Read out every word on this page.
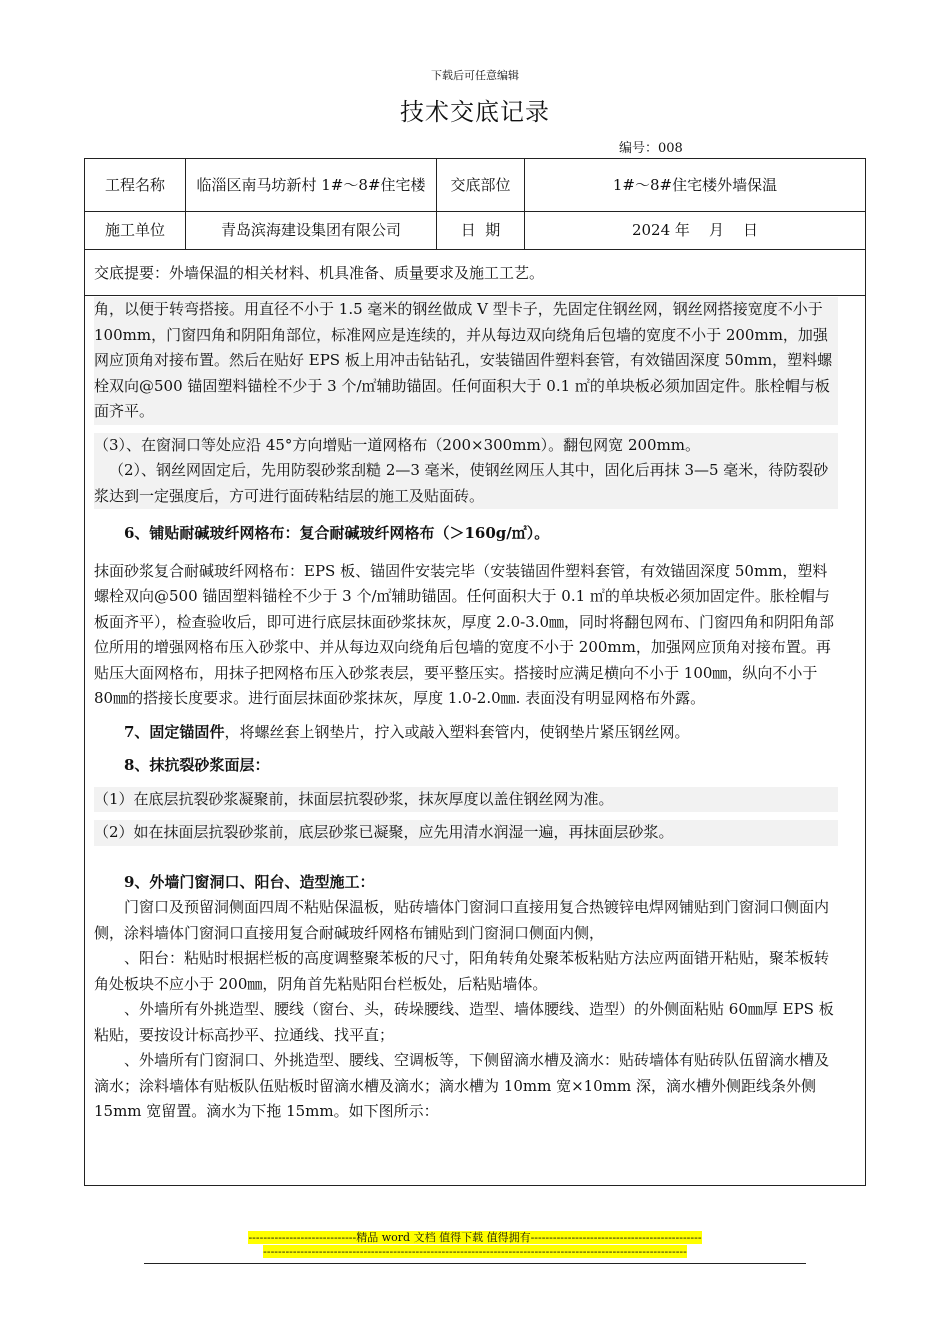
下载后可任意编辑
技术交底记录
编号：008
工程名称	临淄区南马坊新村 1#～8#住宅楼	交底部位	1#～8#住宅楼外墙保温
施工单位	青岛滨海建设集团有限公司	日  期	2024 年    月    日
交底提要：外墙保温的相关材料、机具准备、质量要求及施工工艺。

角，以便于转弯搭接。用直径不小于 1.5 毫米的钢丝做成 V 型卡子，先固定住钢丝网，钢丝网搭接宽度不小于 100mm，门窗四角和阴阳角部位，标准网应是连续的，并从每边双向绕角后包墙的宽度不小于 200mm，加强网应顶角对接布置。然后在贴好 EPS 板上用冲击钻钻孔，安装锚固件塑料套管，有效锚固深度 50mm，塑料螺栓双向@500 锚固塑料锚栓不少于 3 个/㎡辅助锚固。任何面积大于 0.1 ㎡的单块板必须加固定件。胀栓帽与板面齐平。

（3）、在窗洞口等处应沿 45°方向增贴一道网格布（200×300mm）。翻包网宽 200mm。

（2）、钢丝网固定后，先用防裂砂浆刮糙 2—3 毫米，使钢丝网压人其中，固化后再抹 3—5 毫米，待防裂砂浆达到一定强度后，方可进行面砖粘结层的施工及贴面砖。

6、铺贴耐碱玻纤网格布：复合耐碱玻纤网格布（＞160g/㎡）。

抹面砂浆复合耐碱玻纤网格布：EPS 板、锚固件安装完毕（安装锚固件塑料套管，有效锚固深度 50mm，塑料螺栓双向@500 锚固塑料锚栓不少于 3 个/㎡辅助锚固。任何面积大于 0.1 ㎡的单块板必须加固定件。胀栓帽与板面齐平），检查验收后，即可进行底层抹面砂浆抹灰，厚度 2.0-3.0㎜，同时将翻包网布、门窗四角和阴阳角部位所用的增强网格布压入砂浆中、并从每边双向绕角后包墙的宽度不小于 200mm，加强网应顶角对接布置。再贴压大面网格布，用抹子把网格布压入砂浆表层，要平整压实。搭接时应满足横向不小于 100㎜，纵向不小于 80㎜的搭接长度要求。进行面层抹面砂浆抹灰，厚度 1.0-2.0㎜. 表面没有明显网格布外露。

7、固定锚固件，将螺丝套上钢垫片，拧入或敲入塑料套管内，使钢垫片紧压钢丝网。

8、抹抗裂砂浆面层：

（1）在底层抗裂砂浆凝聚前，抹面层抗裂砂浆，抹灰厚度以盖住钢丝网为准。

（2）如在抹面层抗裂砂浆前，底层砂浆已凝聚，应先用清水润湿一遍，再抹面层砂浆。

9、外墙门窗洞口、阳台、造型施工：

门窗口及预留洞侧面四周不粘贴保温板，贴砖墙体门窗洞口直接用复合热镀锌电焊网铺贴到门窗洞口侧面内侧，涂料墙体门窗洞口直接用复合耐碱玻纤网格布铺贴到门窗洞口侧面内侧，

、阳台：粘贴时根据栏板的高度调整聚苯板的尺寸，阳角转角处聚苯板粘贴方法应两面错开粘贴，聚苯板转角处板块不应小于 200㎜，阴角首先粘贴阳台栏板处，后粘贴墙体。

、外墙所有外挑造型、腰线（窗台、头，砖垛腰线、造型、墙体腰线、造型）的外侧面粘贴 60㎜厚 EPS 板粘贴，要按设计标高抄平、拉通线、找平直；

、外墙所有门窗洞口、外挑造型、腰线、空调板等，下侧留滴水槽及滴水：贴砖墙体有贴砖队伍留滴水槽及滴水；涂料墙体有贴板队伍贴板时留滴水槽及滴水；滴水槽为 10mm 宽×10mm 深，滴水槽外侧距线条外侧 15mm 宽留置。滴水为下拖 15mm。如下图所示：

-----------------------------精品 word 文档 值得下载 值得拥有----------------------------------------------
------------------------------------------------------------------------------------------------------------------
